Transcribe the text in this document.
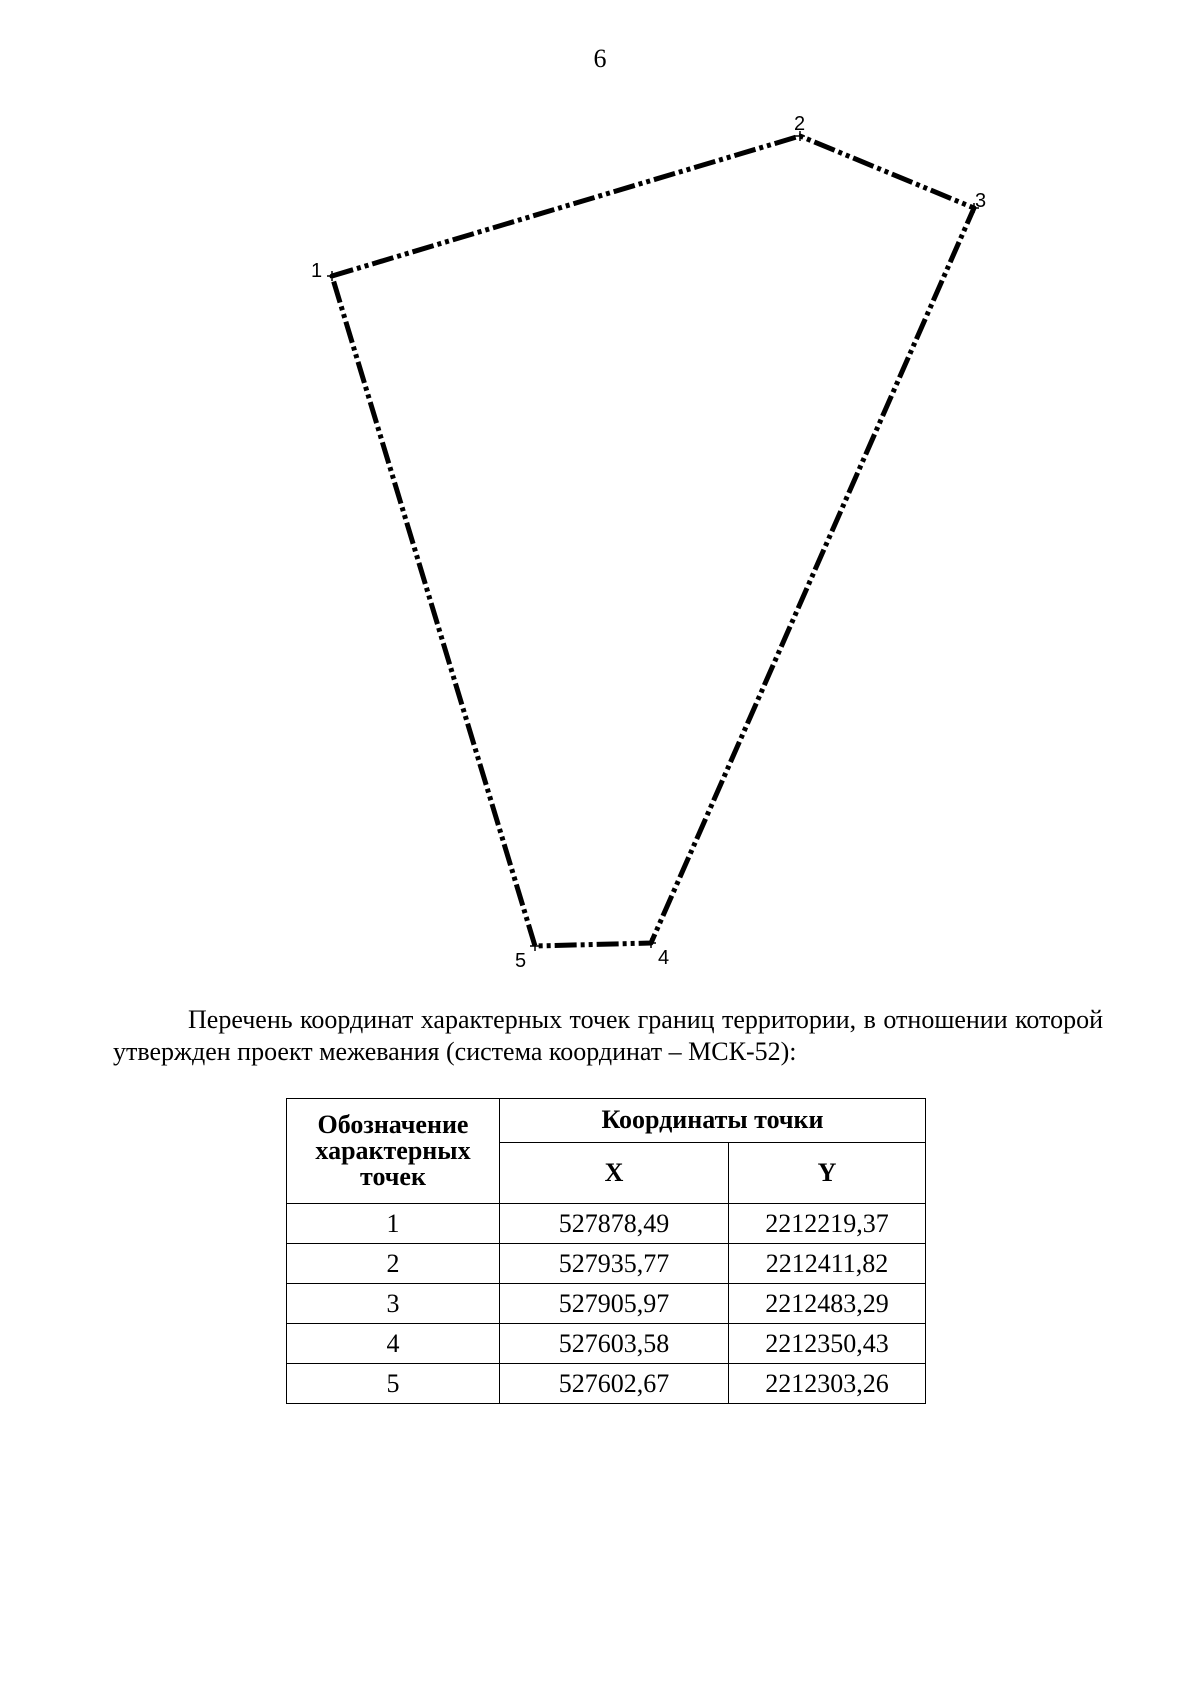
6
1
2
3
4
5

Перечень координат характерных точек границ территории, в отношении которой утвержден проект межевания (система координат – МСК-52):

Обозначение характерных точек	Координаты точки	
	X	Y
1	527878,49	2212219,37
2	527935,77	2212411,82
3	527905,97	2212483,29
4	527603,58	2212350,43
5	527602,67	2212303,26
